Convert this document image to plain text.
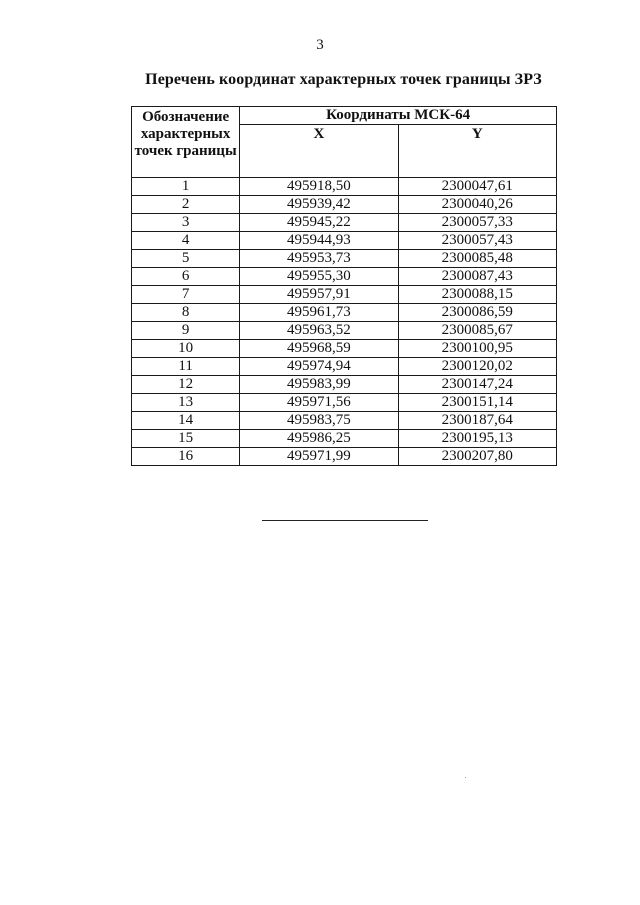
3
Перечень координат характерных точек границы ЗРЗ
Обозначение характерных точек границы	Координаты МСК-64	
	X	Y
1	495918,50	2300047,61
2	495939,42	2300040,26
3	495945,22	2300057,33
4	495944,93	2300057,43
5	495953,73	2300085,48
6	495955,30	2300087,43
7	495957,91	2300088,15
8	495961,73	2300086,59
9	495963,52	2300085,67
10	495968,59	2300100,95
11	495974,94	2300120,02
12	495983,99	2300147,24
13	495971,56	2300151,14
14	495983,75	2300187,64
15	495986,25	2300195,13
16	495971,99	2300207,80
